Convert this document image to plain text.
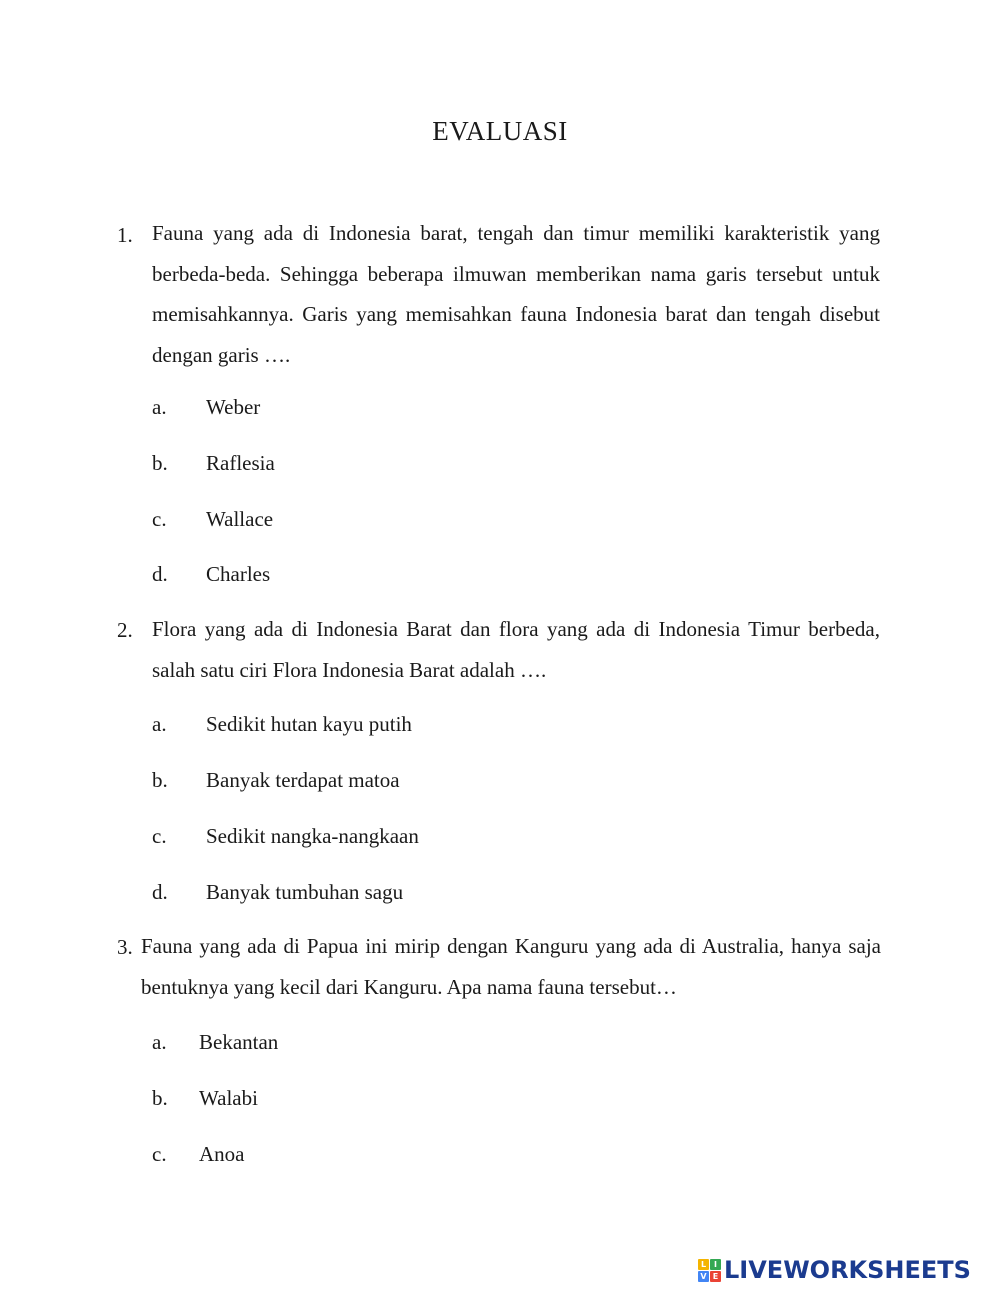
EVALUASI
1. Fauna yang ada di Indonesia barat, tengah dan timur memiliki karakteristik yang berbeda-beda. Sehingga beberapa ilmuwan memberikan nama garis tersebut untuk memisahkannya. Garis yang memisahkan fauna Indonesia barat dan tengah disebut dengan garis ….
a. Weber
b. Raflesia
c. Wallace
d. Charles
2. Flora yang ada di Indonesia Barat dan flora yang ada di Indonesia Timur berbeda, salah satu ciri Flora Indonesia Barat adalah ….
a. Sedikit hutan kayu putih
b. Banyak terdapat matoa
c. Sedikit nangka-nangkaan
d. Banyak tumbuhan sagu
3. Fauna yang ada di Papua ini mirip dengan Kanguru yang ada di Australia, hanya saja bentuknya yang kecil dari Kanguru. Apa nama fauna tersebut…
a. Bekantan
b. Walabi
c. Anoa
L I
V E LIVEWORKSHEETS
